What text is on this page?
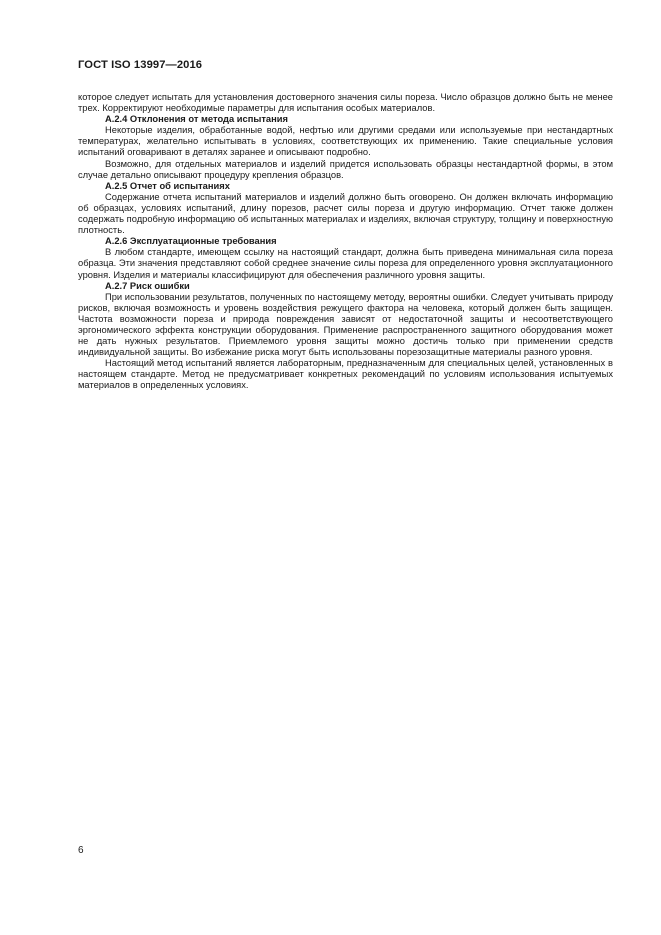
ГОСТ ISO 13997—2016

которое следует испытать для установления достоверного значения силы пореза. Число образцов должно быть не менее трех. Корректируют необходимые параметры для испытания особых материалов.

А.2.4 Отклонения от метода испытания

Некоторые изделия, обработанные водой, нефтью или другими средами или используемые при нестандартных температурах, желательно испытывать в условиях, соответствующих их применению. Такие специальные условия испытаний оговаривают в деталях заранее и описывают подробно.

Возможно, для отдельных материалов и изделий придется использовать образцы нестандартной формы, в этом случае детально описывают процедуру крепления образцов.

А.2.5 Отчет об испытаниях

Содержание отчета испытаний материалов и изделий должно быть оговорено. Он должен включать информацию об образцах, условиях испытаний, длину порезов, расчет силы пореза и другую информацию. Отчет также должен содержать подробную информацию об испытанных материалах и изделиях, включая структуру, толщину и поверхностную плотность.

А.2.6 Эксплуатационные требования

В любом стандарте, имеющем ссылку на настоящий стандарт, должна быть приведена минимальная сила пореза образца. Эти значения представляют собой среднее значение силы пореза для определенного уровня эксплуатационного уровня. Изделия и материалы классифицируют для обеспечения различного уровня защиты.

А.2.7 Риск ошибки

При использовании результатов, полученных по настоящему методу, вероятны ошибки. Следует учитывать природу рисков, включая возможность и уровень воздействия режущего фактора на человека, который должен быть защищен. Частота возможности пореза и природа повреждения зависят от недостаточной защиты и несоответствующего эргономического эффекта конструкции оборудования. Применение распространенного защитного оборудования может не дать нужных результатов. Приемлемого уровня защиты можно достичь только при применении средств индивидуальной защиты. Во избежание риска могут быть использованы порезозащитные материалы разного уровня.

Настоящий метод испытаний является лабораторным, предназначенным для специальных целей, установленных в настоящем стандарте. Метод не предусматривает конкретных рекомендаций по условиям использования испытуемых материалов в определенных условиях.

6
